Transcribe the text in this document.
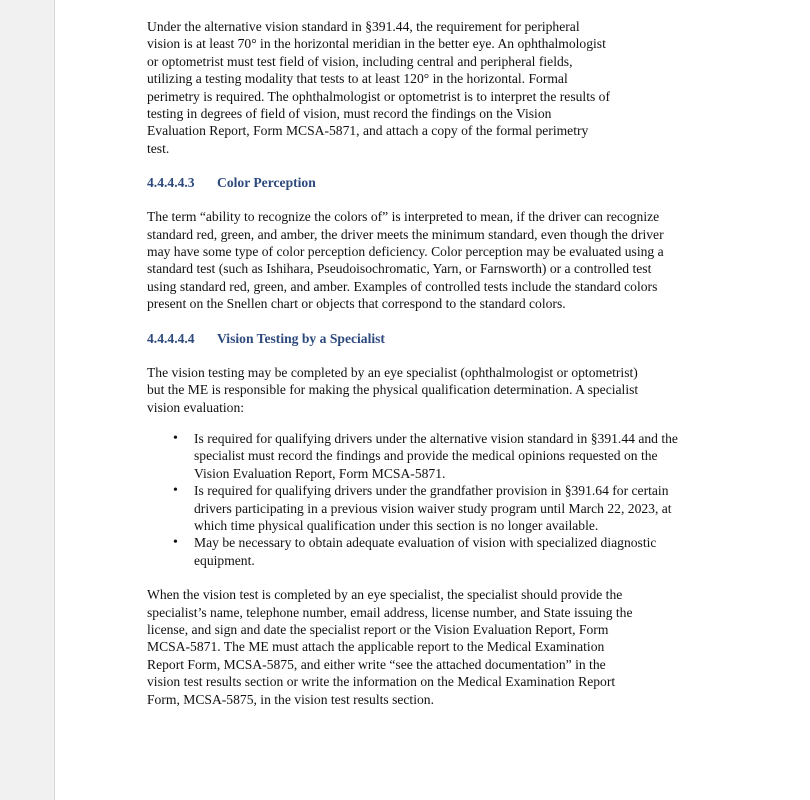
Under the alternative vision standard in §391.44, the requirement for peripheral
vision is at least 70° in the horizontal meridian in the better eye. An ophthalmologist
or optometrist must test field of vision, including central and peripheral fields,
utilizing a testing modality that tests to at least 120° in the horizontal. Formal
perimetry is required. The ophthalmologist or optometrist is to interpret the results of
testing in degrees of field of vision, must record the findings on the Vision
Evaluation Report, Form MCSA-5871, and attach a copy of the formal perimetry
test.

4.4.4.4.3 Color Perception

The term “ability to recognize the colors of” is interpreted to mean, if the driver can recognize
standard red, green, and amber, the driver meets the minimum standard, even though the driver
may have some type of color perception deficiency. Color perception may be evaluated using a
standard test (such as Ishihara, Pseudoisochromatic, Yarn, or Farnsworth) or a controlled test
using standard red, green, and amber. Examples of controlled tests include the standard colors
present on the Snellen chart or objects that correspond to the standard colors.

4.4.4.4.4 Vision Testing by a Specialist

The vision testing may be completed by an eye specialist (ophthalmologist or optometrist)
but the ME is responsible for making the physical qualification determination. A specialist
vision evaluation:

• Is required for qualifying drivers under the alternative vision standard in §391.44 and the
specialist must record the findings and provide the medical opinions requested on the
Vision Evaluation Report, Form MCSA-5871.
• Is required for qualifying drivers under the grandfather provision in §391.64 for certain
drivers participating in a previous vision waiver study program until March 22, 2023, at
which time physical qualification under this section is no longer available.
• May be necessary to obtain adequate evaluation of vision with specialized diagnostic
equipment.

When the vision test is completed by an eye specialist, the specialist should provide the
specialist’s name, telephone number, email address, license number, and State issuing the
license, and sign and date the specialist report or the Vision Evaluation Report, Form
MCSA-5871. The ME must attach the applicable report to the Medical Examination
Report Form, MCSA-5875, and either write “see the attached documentation” in the
vision test results section or write the information on the Medical Examination Report
Form, MCSA-5875, in the vision test results section.
